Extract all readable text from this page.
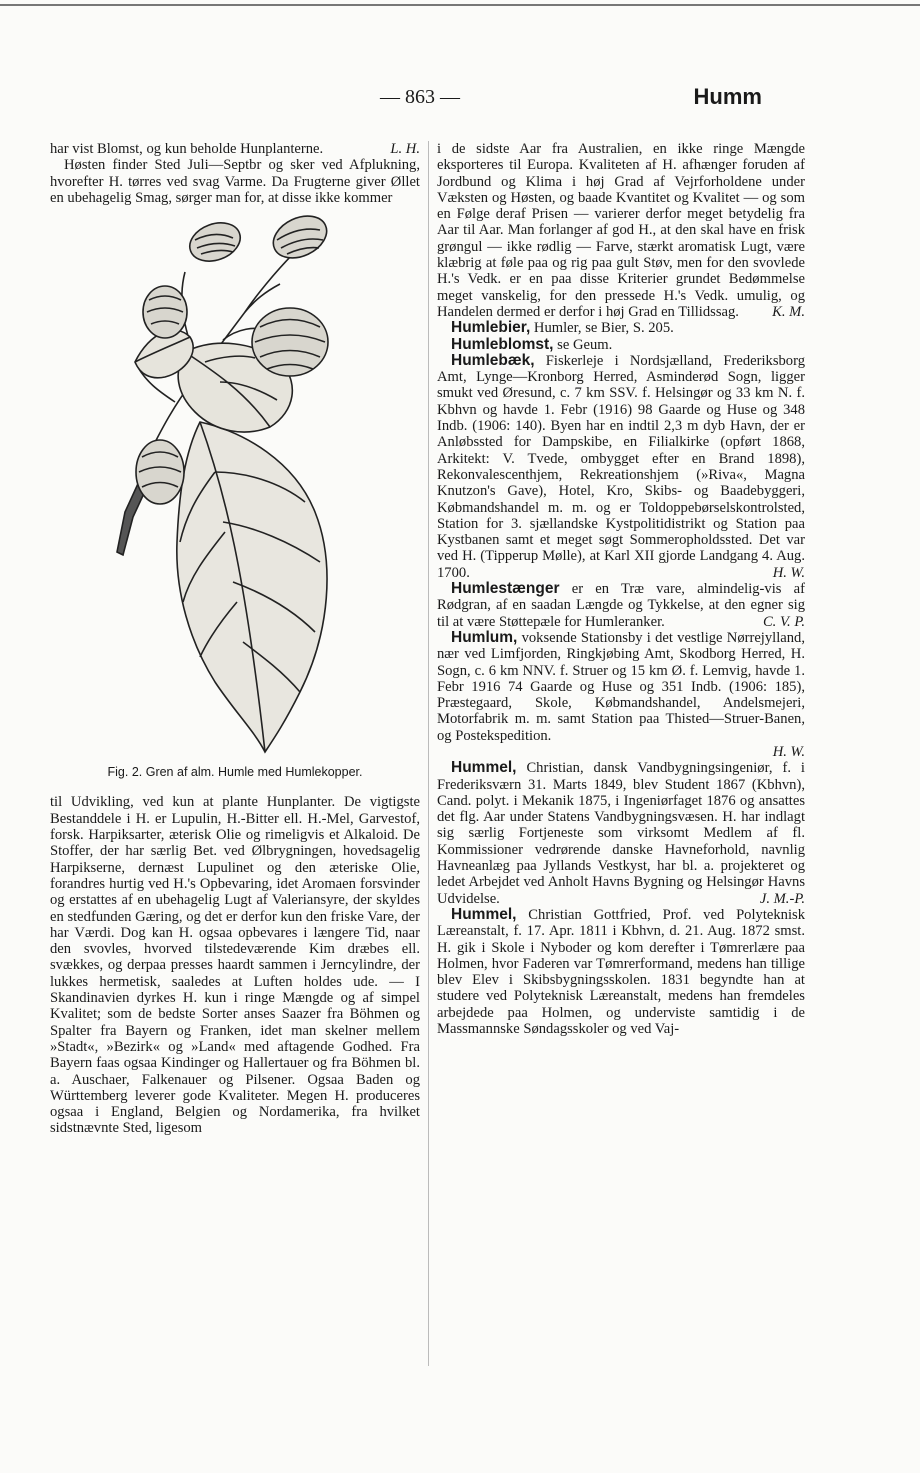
— 863 —	Humm

har vist Blomst, og kun beholde Hunplanterne.	L. H.

Høsten finder Sted Juli—Septbr og sker ved Afplukning, hvorefter H. tørres ved svag Varme. Da Frugterne giver Øllet en ubehagelig Smag, sørger man for, at disse ikke kommer

Fig. 2. Gren af alm. Humle med Humlekopper.

til Udvikling, ved kun at plante Hunplanter. De vigtigste Bestanddele i H. er Lupulin, H.-Bitter ell. H.-Mel, Garvestof, forsk. Harpiksarter, æterisk Olie og rimeligvis et Alkaloid. De Stoffer, der har særlig Bet. ved Ølbrygningen, hovedsagelig Harpikserne, dernæst Lupulinet og den æteriske Olie, forandres hurtig ved H.'s Opbevaring, idet Aromaen forsvinder og erstattes af en ubehagelig Lugt af Valeriansyre, der skyldes en stedfunden Gæring, og det er derfor kun den friske Vare, der har Værdi. Dog kan H. ogsaa opbevares i længere Tid, naar den svovles, hvorved tilstedeværende Kim dræbes ell. svækkes, og derpaa presses haardt sammen i Jerncylindre, der lukkes hermetisk, saaledes at Luften holdes ude. — I Skandinavien dyrkes H. kun i ringe Mængde og af simpel Kvalitet; som de bedste Sorter anses Saazer fra Böhmen og Spalter fra Bayern og Franken, idet man skelner mellem »Stadt«, »Bezirk« og »Land« med aftagende Godhed. Fra Bayern faas ogsaa Kindinger og Hallertauer og fra Böhmen bl. a. Auschaer, Falkenauer og Pilsener. Ogsaa Baden og Württemberg leverer gode Kvaliteter. Megen H. produceres ogsaa i England, Belgien og Nordamerika, fra hvilket sidstnævnte Sted, ligesom

i de sidste Aar fra Australien, en ikke ringe Mængde eksporteres til Europa. Kvaliteten af H. afhænger foruden af Jordbund og Klima i høj Grad af Vejrforholdene under Væksten og Høsten, og baade Kvantitet og Kvalitet — og som en Følge deraf Prisen — varierer derfor meget betydelig fra Aar til Aar. Man forlanger af god H., at den skal have en frisk grøngul — ikke rødlig — Farve, stærkt aromatisk Lugt, være klæbrig at føle paa og rig paa gult Støv, men for den svovlede H.'s Vedk. er en paa disse Kriterier grundet Bedømmelse meget vanskelig, for den pressede H.'s Vedk. umulig, og Handelen dermed er derfor i høj Grad en Tillidssag. K. M.

Humlebier, Humler, se Bier, S. 205.

Humleblomst, se Geum.

Humlebæk, Fiskerleje i Nordsjælland, Frederiksborg Amt, Lynge—Kronborg Herred, Asminderød Sogn, ligger smukt ved Øresund, c. 7 km SSV. f. Helsingør og 33 km N. f. Kbhvn og havde 1. Febr (1916) 98 Gaarde og Huse og 348 Indb. (1906: 140). Byen har en indtil 2,3 m dyb Havn, der er Anløbssted for Dampskibe, en Filialkirke (opført 1868, Arkitekt: V. Tvede, ombygget efter en Brand 1898), Rekonvalescenthjem, Rekreationshjem (»Riva«, Magna Knutzon's Gave), Hotel, Kro, Skibs- og Baadebyggeri, Købmandshandel m. m. og er Toldoppebørselskontrolsted, Station for 3. sjællandske Kystpolitidistrikt og Station paa Kystbanen samt et meget søgt Sommeropholdssted. Det var ved H. (Tipperup Mølle), at Karl XII gjorde Landgang 4. Aug. 1700.	H. W.

Humlestænger er en Træ vare, almindelig-vis af Rødgran, af en saadan Længde og Tykkelse, at den egner sig til at være Støttepæle for Humleranker.	C. V. P.

Humlum, voksende Stationsby i det vestlige Nørrejylland, nær ved Limfjorden, Ringkjøbing Amt, Skodborg Herred, H. Sogn, c. 6 km NNV. f. Struer og 15 km Ø. f. Lemvig, havde 1. Febr 1916 74 Gaarde og Huse og 351 Indb. (1906: 185), Præstegaard, Skole, Købmandshandel, Andelsmejeri, Motorfabrik m. m. samt Station paa Thisted—Struer-Banen, og Postekspedition.

H. W.

Hummel, Christian, dansk Vandbygningsingeniør, f. i Frederiksværn 31. Marts 1849, blev Student 1867 (Kbhvn), Cand. polyt. i Mekanik 1875, i Ingeniørfaget 1876 og ansattes det flg. Aar under Statens Vandbygningsvæsen. H. har indlagt sig særlig Fortjeneste som virksomt Medlem af fl. Kommissioner vedrørende danske Havneforhold, navnlig Havneanlæg paa Jyllands Vestkyst, har bl. a. projekteret og ledet Arbejdet ved Anholt Havns Bygning og Helsingør Havns Udvidelse.	J. M.-P.

Hummel, Christian Gottfried, Prof. ved Polyteknisk Læreanstalt, f. 17. Apr. 1811 i Kbhvn, d. 21. Aug. 1872 smst. H. gik i Skole i Nyboder og kom derefter i Tømrerlære paa Holmen, hvor Faderen var Tømrerformand, medens han tillige blev Elev i Skibsbygningsskolen. 1831 begyndte han at studere ved Polyteknisk Læreanstalt, medens han fremdeles arbejdede paa Holmen, og underviste samtidig i de Massmannske Søndagsskoler og ved Vaj-
